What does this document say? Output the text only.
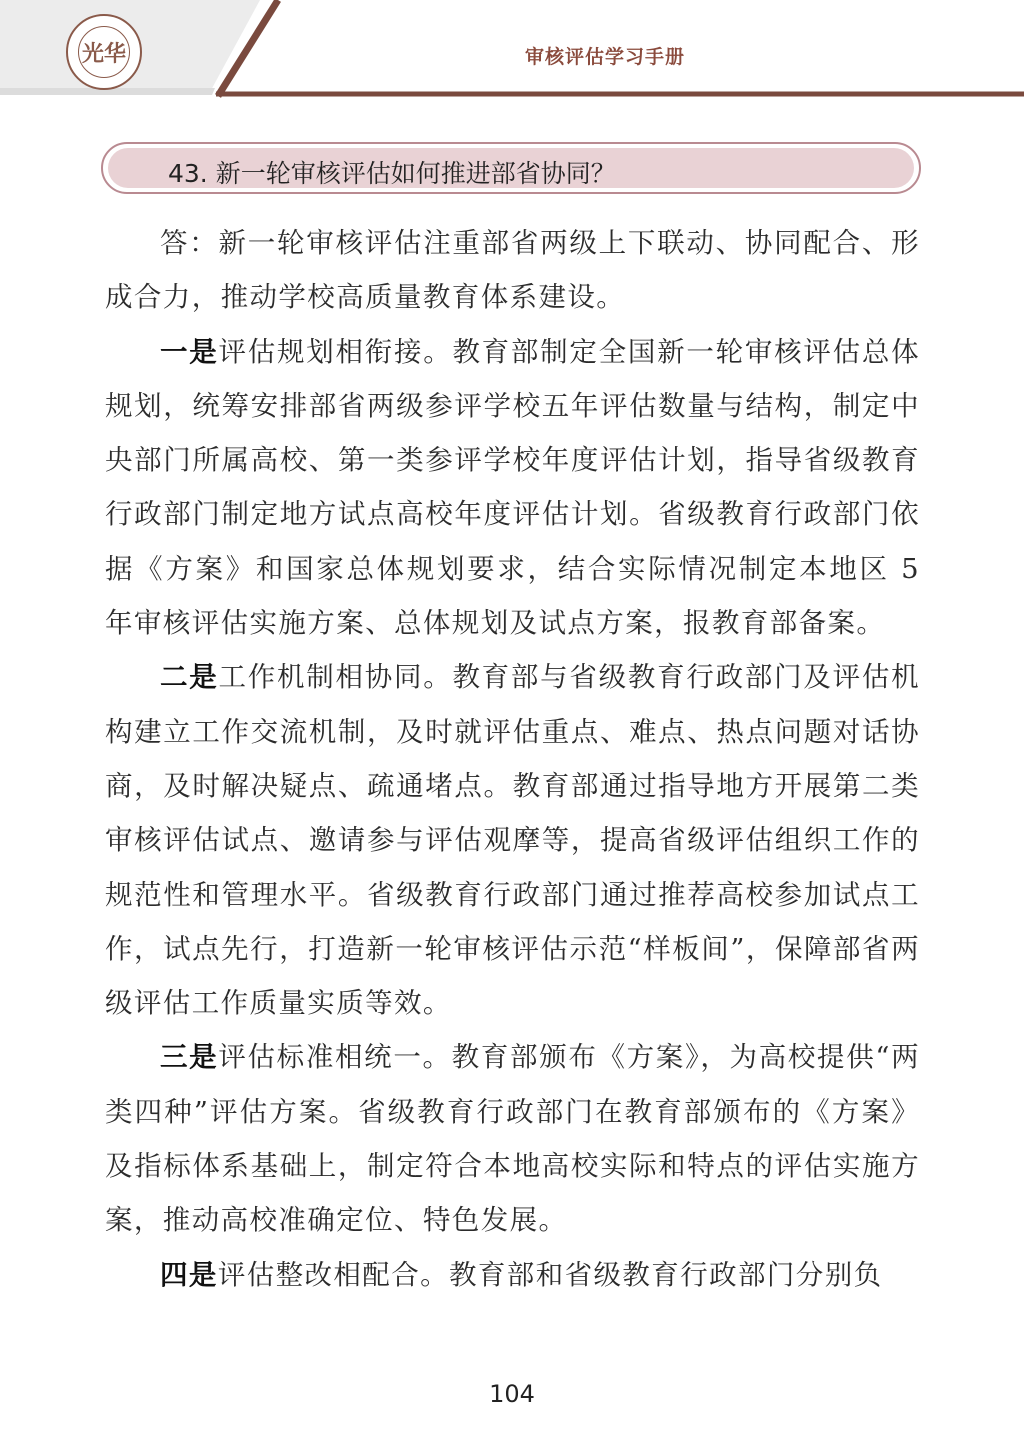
光华	审核评估学习手册
43. 新一轮审核评估如何推进部省协同？

答：新一轮审核评估注重部省两级上下联动、协同配合、形成合力，推动学校高质量教育体系建设。

一是评估规划相衔接。教育部制定全国新一轮审核评估总体规划，统筹安排部省两级参评学校五年评估数量与结构，制定中央部门所属高校、第一类参评学校年度评估计划，指导省级教育行政部门制定地方试点高校年度评估计划。省级教育行政部门依据《方案》和国家总体规划要求，结合实际情况制定本地区 5 年审核评估实施方案、总体规划及试点方案，报教育部备案。

二是工作机制相协同。教育部与省级教育行政部门及评估机构建立工作交流机制，及时就评估重点、难点、热点问题对话协商，及时解决疑点、疏通堵点。教育部通过指导地方开展第二类审核评估试点、邀请参与评估观摩等，提高省级评估组织工作的规范性和管理水平。省级教育行政部门通过推荐高校参加试点工作，试点先行，打造新一轮审核评估示范“样板间”，保障部省两级评估工作质量实质等效。

三是评估标准相统一。教育部颁布《方案》，为高校提供“两类四种”评估方案。省级教育行政部门在教育部颁布的《方案》及指标体系基础上，制定符合本地高校实际和特点的评估实施方案，推动高校准确定位、特色发展。

四是评估整改相配合。教育部和省级教育行政部门分别负

104
